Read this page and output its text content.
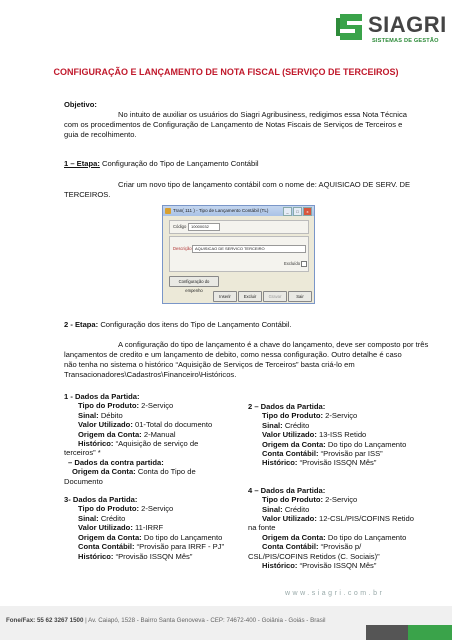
SIAGRI
SISTEMAS DE GESTÃO
CONFIGURAÇÃO E LANÇAMENTO DE NOTA FISCAL (SERVIÇO DE TERCEIROS)
Objetivo:
No intuito de auxiliar os usuários do Siagri Agribusiness, redigimos essa Nota Técnica
com os procedimentos de Configuração de Lançamento de Notas Fiscais de Serviços de Terceiros e
guia de recolhimento.
1 – Etapa: Configuração do Tipo de Lançamento Contábil
Criar um novo tipo de lançamento contábil com o nome de: AQUISICAO DE SERV. DE
TERCEIROS.
Tran( 111 ) - Tipo de Lançamento Contábil (TL)	_ □ x
Código	10000032
Descrição AQUISICAO DE SERVICO TERCEIRO
Excluído
Configuração do empenho
Inserir	Excluir	Gravar	Sair
2 - Etapa: Configuração dos itens do Tipo de Lançamento Contábil.
A configuração do tipo de lançamento é a chave do lançamento, deve ser composto por três
lançamentos de credito e um lançamento de debito, como nessa configuração. Outro detalhe é caso
não tenha no sistema o histórico “Aquisição de Serviços de Terceiros” basta criá-lo em
Transacionadores\Cadastros\Financeiro\Históricos.
1 - Dados da Partida:
Tipo do Produto: 2-Serviço
Sinal: Débito
Valor Utilizado: 01-Total do documento
Origem da Conta: 2-Manual
Histórico: “Aquisição de serviço de
terceiros” *
– Dados da contra partida:
Origem da Conta: Conta do Tipo de
Documento
3- Dados da Partida:
Tipo do Produto: 2-Serviço
Sinal: Crédito
Valor Utilizado: 11-IRRF
Origem da Conta: Do tipo do Lançamento
Conta Contábil: “Provisão para IRRF - PJ”
Histórico: “Provisão ISSQN Mês”
2 – Dados da Partida:
Tipo do Produto: 2-Serviço
Sinal: Crédito
Valor Utilizado: 13-ISS Retido
Origem da Conta: Do tipo do Lançamento
Conta Contábil: “Provisão par ISS”
Histórico: “Provisão ISSQN Mês”
4 – Dados da Partida:
Tipo do Produto: 2-Serviço
Sinal: Crédito
Valor Utilizado: 12-CSL/PIS/COFINS Retido
na fonte
Origem da Conta: Do tipo do Lançamento
Conta Contábil: “Provisão p/
CSL/PIS/COFINS Retidos (C. Sociais)”
Histórico: “Provisão ISSQN Mês”
www.siagri.com.br
Fone/Fax: 55 62 3267 1500 | Av. Caiapó, 1528 - Bairro Santa Genoveva - CEP: 74672-400 - Goiânia - Goiás - Brasil
